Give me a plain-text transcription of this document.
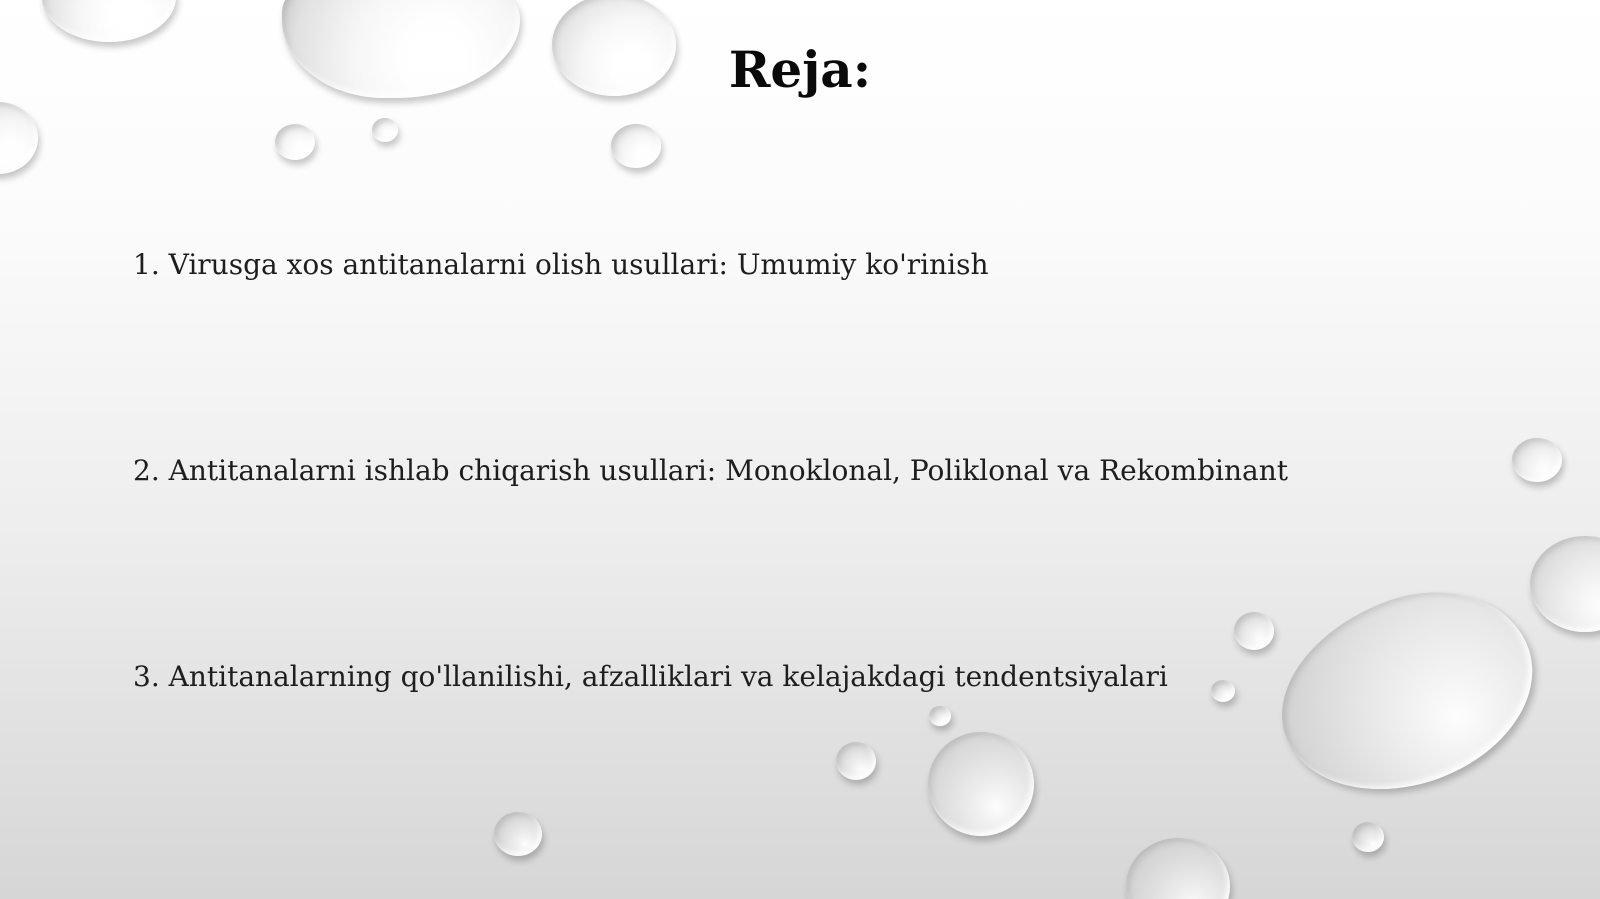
Reja:

1. Virusga xos antitanalarni olish usullari: Umumiy ko'rinish

2. Antitanalarni ishlab chiqarish usullari: Monoklonal, Poliklonal va Rekombinant

3. Antitanalarning qo'llanilishi, afzalliklari va kelajakdagi tendentsiyalari
